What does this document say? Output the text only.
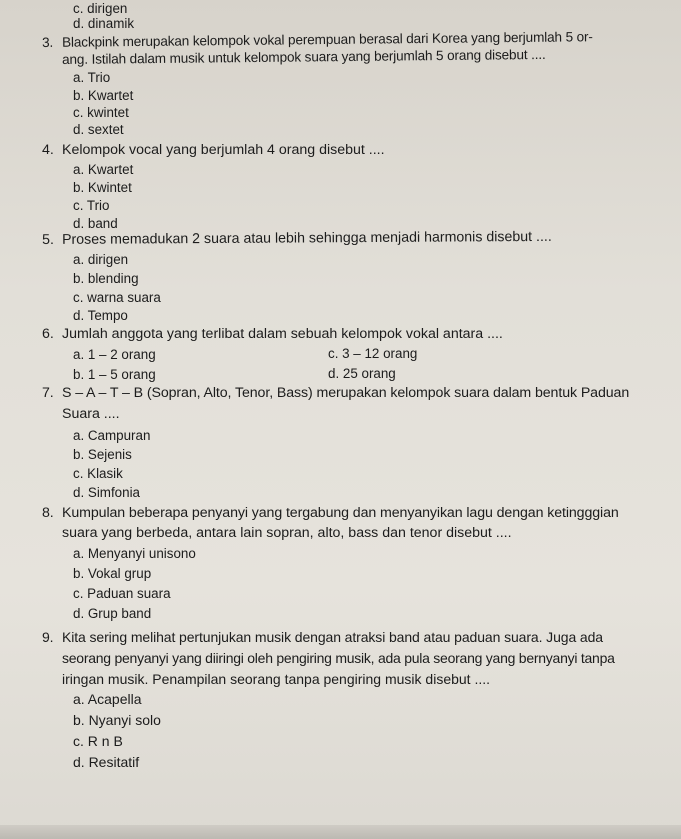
c. dirigen
d. dinamik
3. Blackpink merupakan kelompok vokal perempuan berasal dari Korea yang berjumlah 5 or-
ang. Istilah dalam musik untuk kelompok suara yang berjumlah 5 orang disebut ....
a. Trio
b. Kwartet
c. kwintet
d. sextet
4. Kelompok vocal yang berjumlah 4 orang disebut ....
a. Kwartet
b. Kwintet
c. Trio
d. band
5. Proses memadukan 2 suara atau lebih sehingga menjadi harmonis disebut ....
a. dirigen
b. blending
c. warna suara
d. Tempo
6. Jumlah anggota yang terlibat dalam sebuah kelompok vokal antara ....
a. 1 – 2 orang
b. 1 – 5 orang
c. 3 – 12 orang
d. 25 orang
7. S – A – T – B (Sopran, Alto, Tenor, Bass) merupakan kelompok suara dalam bentuk Paduan
Suara ....
a. Campuran
b. Sejenis
c. Klasik
d. Simfonia
8. Kumpulan beberapa penyanyi yang tergabung dan menyanyikan lagu dengan ketingggian
suara yang berbeda, antara lain sopran, alto, bass dan tenor disebut ....
a. Menyanyi unisono
b. Vokal grup
c. Paduan suara
d. Grup band
9. Kita sering melihat pertunjukan musik dengan atraksi band atau paduan suara. Juga ada
seorang penyanyi yang diiringi oleh pengiring musik, ada pula seorang yang bernyanyi tanpa
iringan musik. Penampilan seorang tanpa pengiring musik disebut ....
a. Acapella
b. Nyanyi solo
c. R n B
d. Resitatif
